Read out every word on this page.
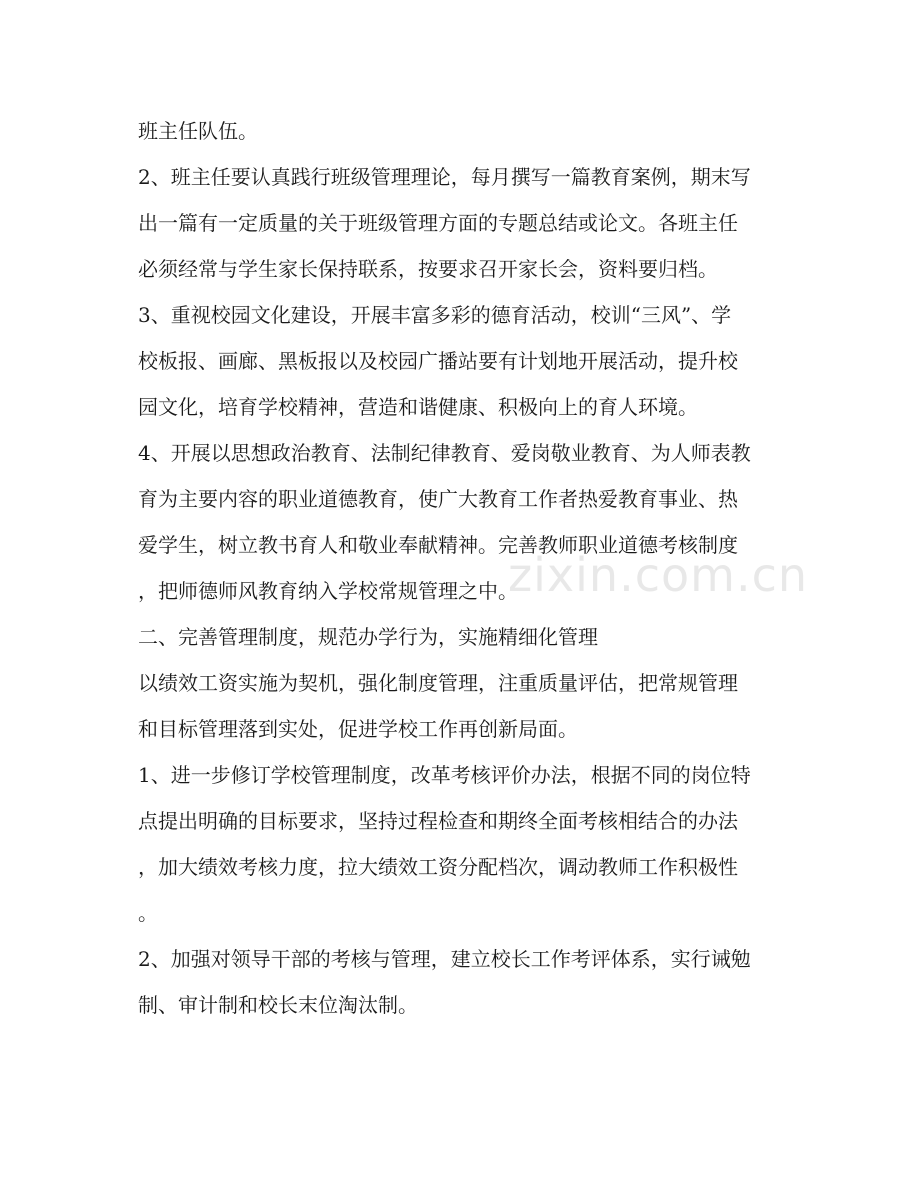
班主任队伍。
2、班主任要认真践行班级管理理论，每月撰写一篇教育案例，期末写
出一篇有一定质量的关于班级管理方面的专题总结或论文。各班主任
必须经常与学生家长保持联系，按要求召开家长会，资料要归档。
3、重视校园文化建设，开展丰富多彩的德育活动，校训“三风”、学
校板报、画廊、黑板报以及校园广播站要有计划地开展活动，提升校
园文化，培育学校精神，营造和谐健康、积极向上的育人环境。
4、开展以思想政治教育、法制纪律教育、爱岗敬业教育、为人师表教
育为主要内容的职业道德教育，使广大教育工作者热爱教育事业、热
爱学生，树立教书育人和敬业奉献精神。完善教师职业道德考核制度
，把师德师风教育纳入学校常规管理之中。
二、完善管理制度，规范办学行为，实施精细化管理
以绩效工资实施为契机，强化制度管理，注重质量评估，把常规管理
和目标管理落到实处，促进学校工作再创新局面。
1、进一步修订学校管理制度，改革考核评价办法，根据不同的岗位特
点提出明确的目标要求，坚持过程检查和期终全面考核相结合的办法
，加大绩效考核力度，拉大绩效工资分配档次，调动教师工作积极性
。
2、加强对领导干部的考核与管理，建立校长工作考评体系，实行诫勉
制、审计制和校长末位淘汰制。
zixin.com.cn
